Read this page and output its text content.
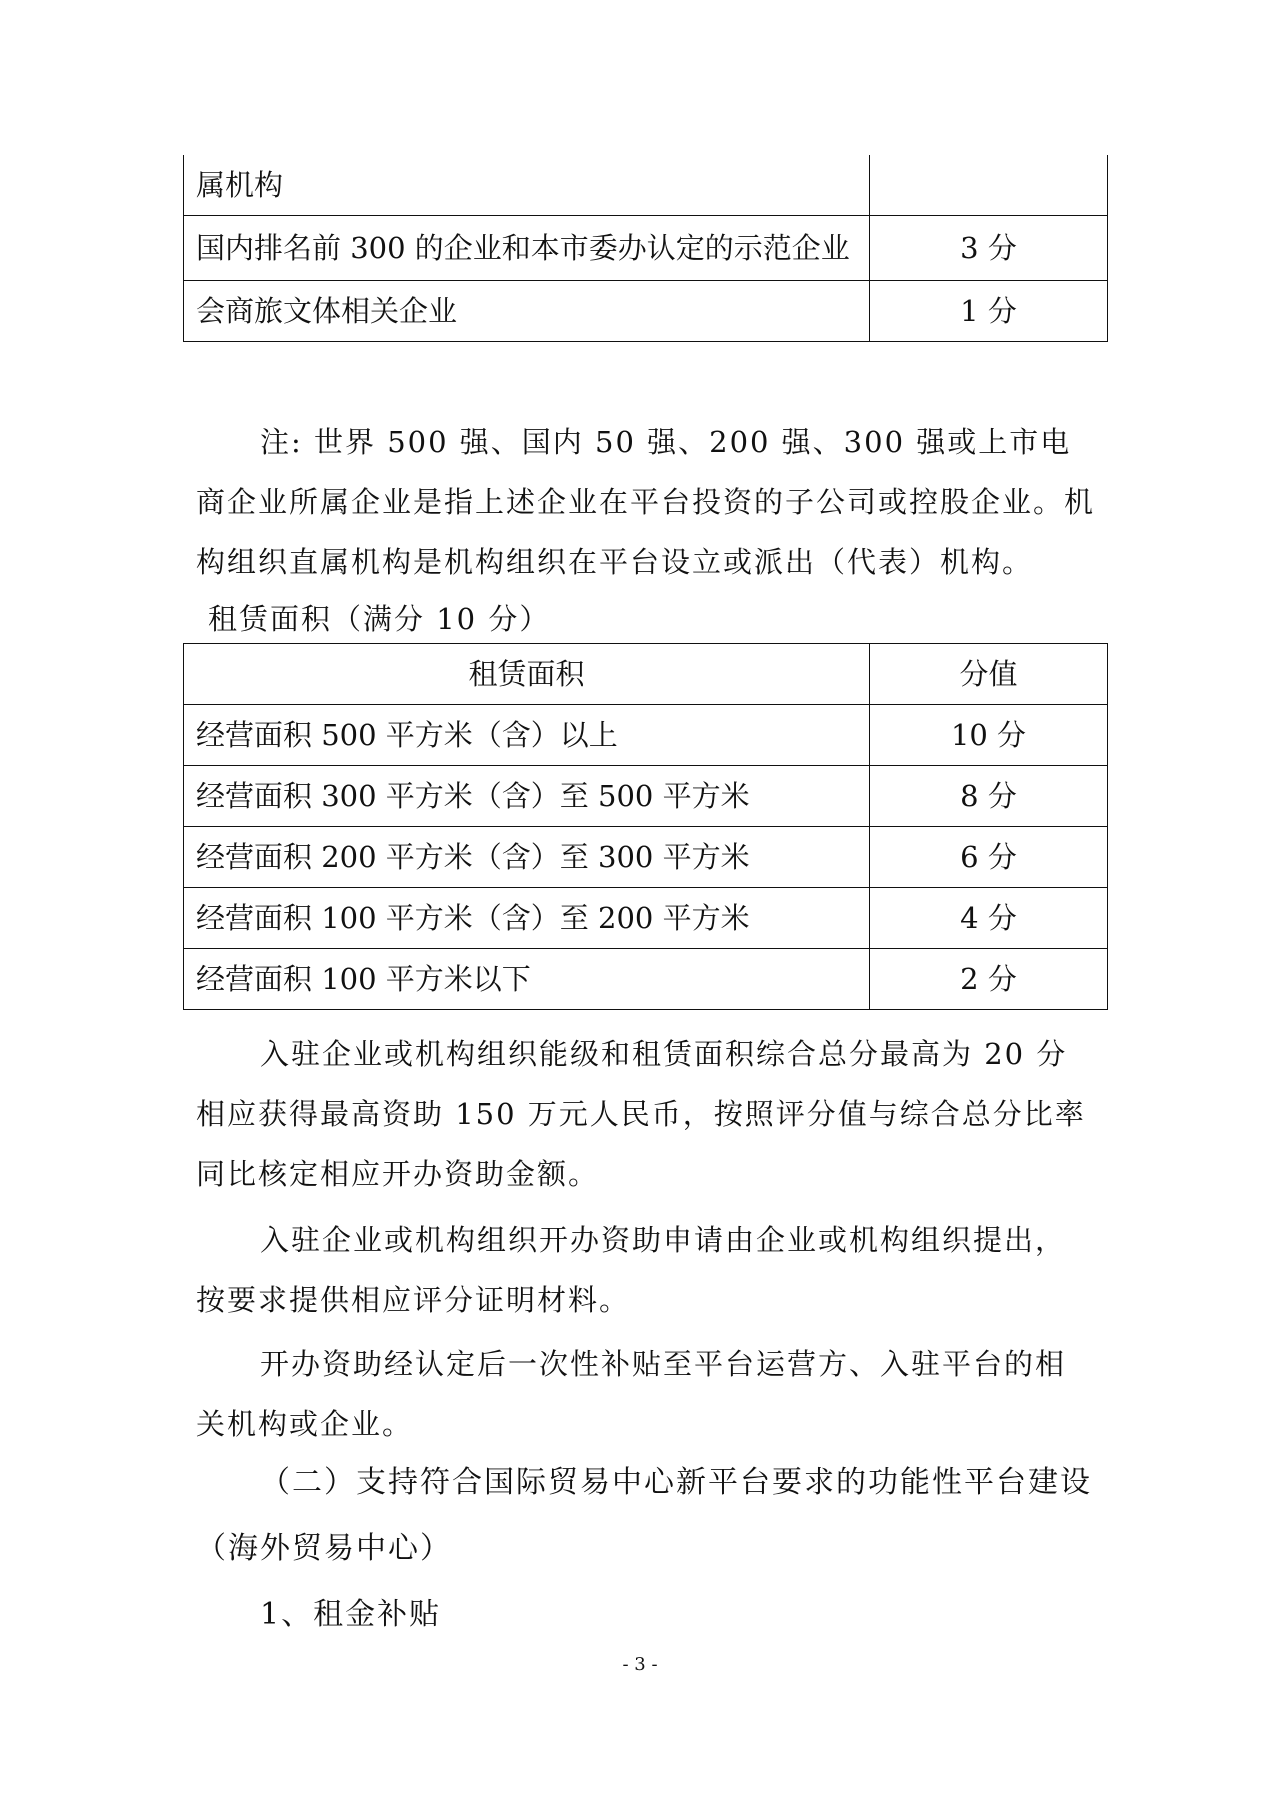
属机构	
国内排名前 300 的企业和本市委办认定的示范企业	3 分
会商旅文体相关企业	1 分

注: 世界 500 强、国内 50 强、200 强、300 强或上市电商企业所属企业是指上述企业在平台投资的子公司或控股企业。机构组织直属机构是机构组织在平台设立或派出（代表）机构。

租赁面积（满分 10 分）
租赁面积	分值
经营面积 500 平方米（含）以上	10 分
经营面积 300 平方米（含）至 500 平方米	8 分
经营面积 200 平方米（含）至 300 平方米	6 分
经营面积 100 平方米（含）至 200 平方米	4 分
经营面积 100 平方米以下	2 分

入驻企业或机构组织能级和租赁面积综合总分最高为 20 分相应获得最高资助 150 万元人民币，按照评分值与综合总分比率同比核定相应开办资助金额。

入驻企业或机构组织开办资助申请由企业或机构组织提出，按要求提供相应评分证明材料。

开办资助经认定后一次性补贴至平台运营方、入驻平台的相关机构或企业。

（二）支持符合国际贸易中心新平台要求的功能性平台建设（海外贸易中心）

1、租金补贴

- 3 -
